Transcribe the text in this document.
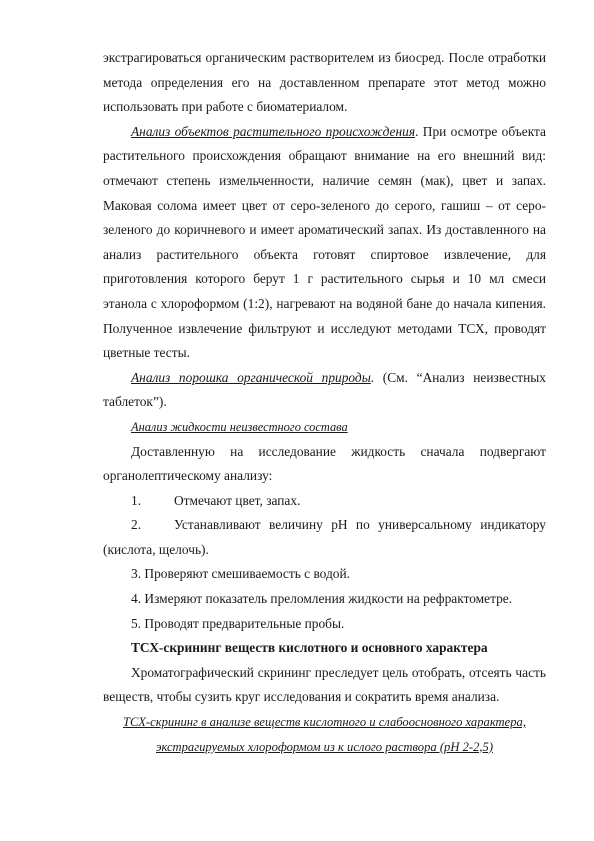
экстрагироваться органическим растворителем из биосред. После отработки метода определения его на доставленном препарате этот метод можно использовать при работе с биоматериалом.

Анализ объектов растительного происхождения. При осмотре объекта растительного происхождения обращают внимание на его внешний вид: отмечают степень измельченности, наличие семян (мак), цвет и запах. Маковая солома имеет цвет от серо-зеленого до серого, гашиш – от серо-зеленого до коричневого и имеет ароматический запах. Из доставленного на анализ растительного объекта готовят спиртовое извлечение, для приготовления которого берут 1 г растительного сырья и 10 мл смеси этанола с хлороформом (1:2), нагревают на водяной бане до начала кипения. Полученное извлечение фильтруют и исследуют методами ТСХ, проводят цветные тесты.

Анализ порошка органической природы. (См. “Анализ неизвестных таблеток”).

Анализ жидкости неизвестного состава

Доставленную на исследование жидкость сначала подвергают органолептическому анализу:

1.	Отмечают цвет, запах.
2.	Устанавливают величину pH по универсальному индикатору

(кислота, щелочь).

3. Проверяют смешиваемость с водой.

4. Измеряют показатель преломления жидкости на рефрактометре.

5. Проводят предварительные пробы.

ТСХ-скрининг веществ кислотного и основного характера

Хроматографический скрининг преследует цель отобрать, отсеять часть веществ, чтобы сузить круг исследования и сократить время анализа.

ТСХ-скрининг в анализе веществ кислотного и слабоосновного характера,

экстрагируемых хлороформом из к ислого раствора (pH 2-2,5)
